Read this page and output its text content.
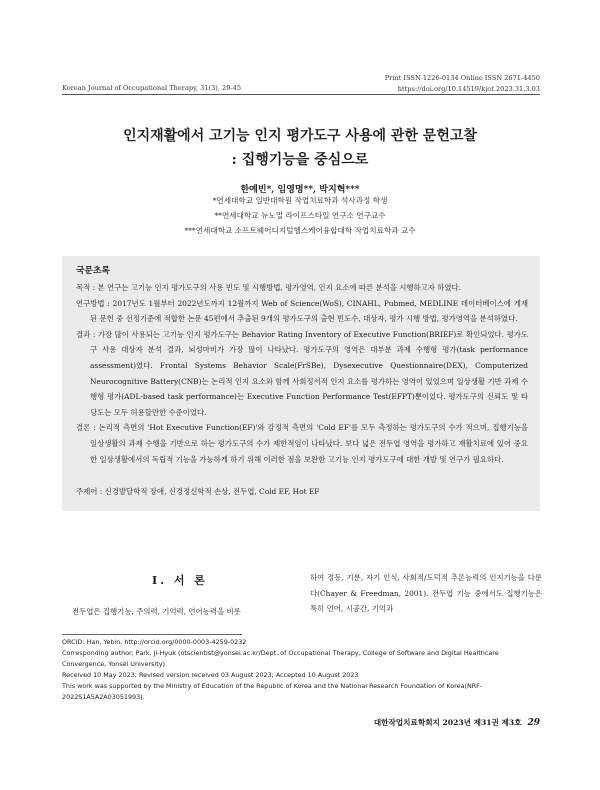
Korean Journal of Occupational Therapy, 31(3), 29-45
Print ISSN 1226-0134 Online ISSN 2671-4450
https://doi.org/10.14519/kjot.2023.31.3.03
인지재활에서 고기능 인지 평가도구 사용에 관한 문헌고찰
: 집행기능을 중심으로
한예빈*, 임영명**, 박지혁***
*연세대학교 일반대학원 작업치료학과 석사과정 학생
**연세대학교 뉴노멀 라이프스타일 연구소 연구교수
***연세대학교 소프트웨어디지털헬스케어융합대학 작업치료학과 교수
국문초록

목적 : 본 연구는 고기능 인지 평가도구의 사용 빈도 및 시행방법, 평가영역, 인지 요소에 따른 분석을 시행하고자 하였다.

연구방법 : 2017년도 1월부터 2022년도까지 12월까지 Web of Science(WoS), CINAHL, Pubmed, MEDLINE 데이터베이스에 게재된 문헌 중 선정기준에 적합한 논문 45편에서 추출된 9개의 평가도구의 출현 빈도수, 대상자, 평가 시행 방법, 평가영역을 분석하였다.

결과 : 가장 많이 사용되는 고기능 인지 평가도구는 Behavior Rating Inventory of Executive Function(BRIEF)로 확인되었다. 평가도구 사용 대상자 분석 결과, 뇌성마비가 가장 많이 나타났다. 평가도구의 영역은 대부분 과제 수행형 평가(task performance assessment)였다. Frontal Systems Behavior Scale(FrSBe), Dysexecutive Questionnaire(DEX), Computerized Neurocognitive Battery(CNB)는 논리적 인지 요소와 함께 사회정서적 인지 요소를 평가하는 영역이 있었으며 일상생활 기반 과제 수행형 평가(ADL-based task performance)는 Executive Function Performance Test(EFPT)뿐이었다. 평가도구의 신뢰도 및 타당도는 모두 허용할만한 수준이었다.

결론 : 논리적 측면의 'Hot Executive Function(EF)'와 감정적 측면의 'Cold EF'를 모두 측정하는 평가도구의 수가 적으며, 집행기능을 일상생활의 과제 수행을 기반으로 하는 평가도구의 수가 제한적임이 나타났다. 보다 넓은 전두엽 영역을 평가하고 재활치료에 있어 중요한 일상생활에서의 독립적 기능을 가능하게 하기 위해 이러한 점을 보완한 고기능 인지 평가도구에 대한 개발 및 연구가 필요하다.

주제어 : 신경발달학적 장애, 신경정신학적 손상, 전두엽, Cold EF, Hot EF
Ⅰ. 서 론
전두엽은 집행기능, 주의력, 기억력, 언어능력을 비롯
하여 정동, 기분, 자기 인식, 사회적/도덕적 추론능력의 인지기능을 다룬다(Chayer & Freedman, 2001). 전두엽 기능 중에서도 집행기능은 특히 언어, 시공간, 기억과
ORCID: Han, Yebin, http://orcid.org/0000-0003-4259-0232
Corresponding author: Park, Ji-Hyuk (otscientist@yonsei.ac.kr/Dept. of Occupational Therapy, College of Software and Digital Healthcare Convergence, Yonsei University)
Received 10 May 2023; Revised version received 03 August 2023; Accepted 10 August 2023
This work was supported by the Ministry of Education of the Republic of Korea and the National Research Foundation of Korea(NRF-2022S1A5A2A03051993).
대한작업치료학회지 2023년 제31권 제3호 29
